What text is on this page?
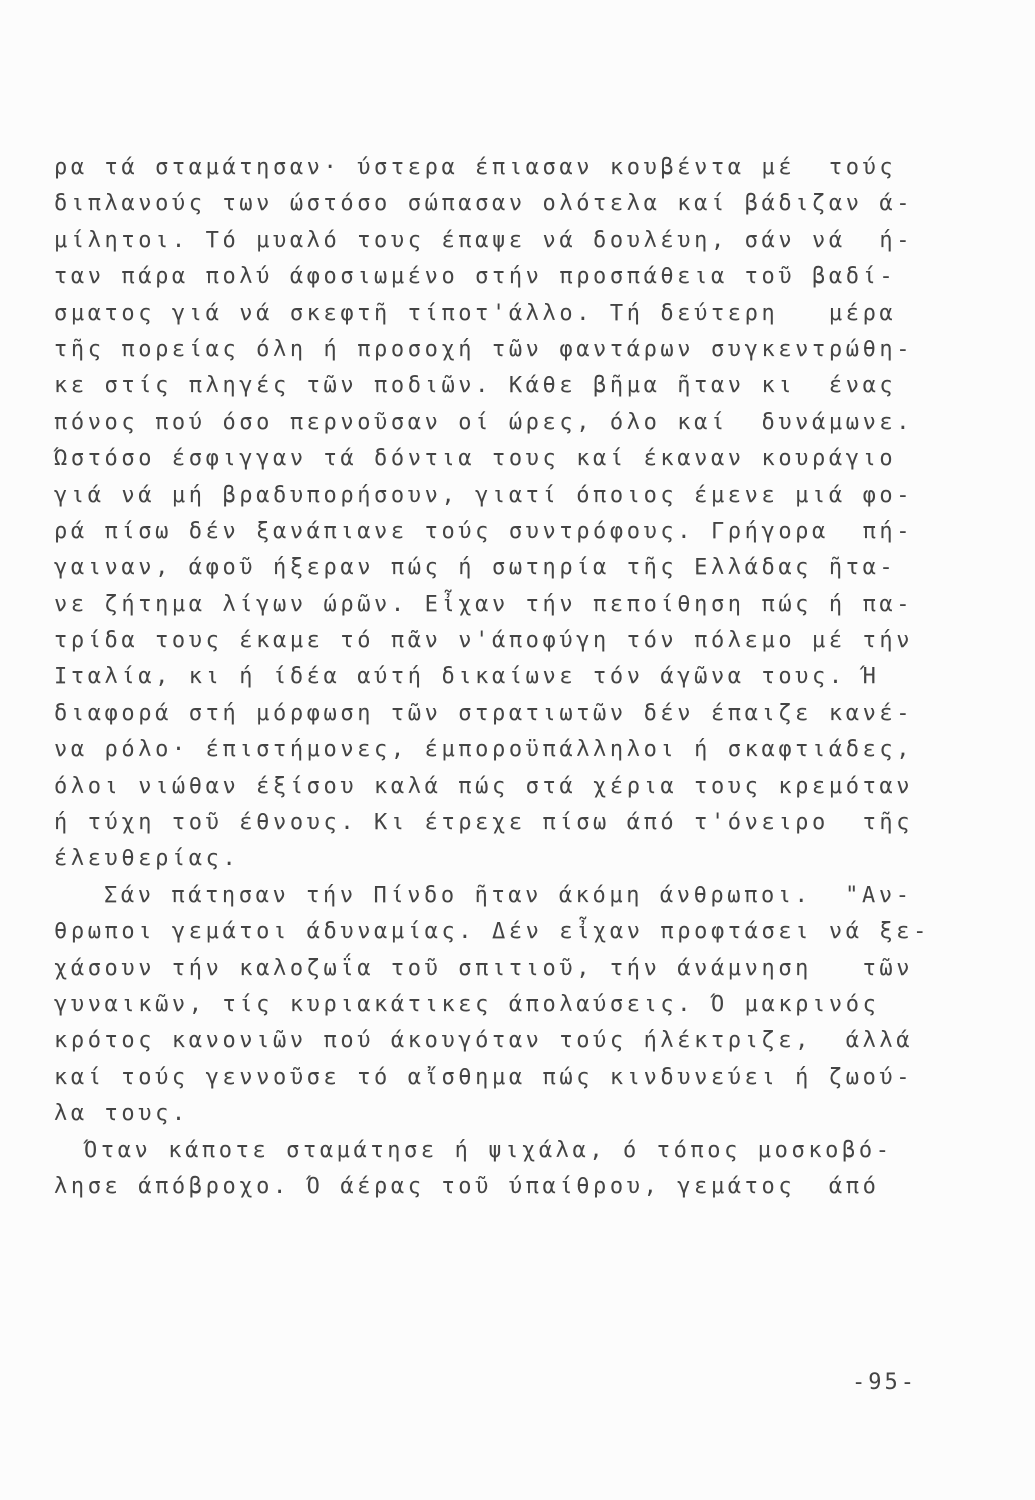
ρα τά σταμάτησαν· ύστερα έπιασαν κουβέντα μέ  τούς
διπλανούς των ώστόσο σώπασαν ολότελα καί βάδιζαν ά-
μίλητοι. Τό μυαλό τους έπαψε νά δουλέυη, σάν νά  ή-
ταν πάρα πολύ άφοσιωμένο στήν προσπάθεια τοῦ βαδί-
σματος γιά νά σκεφτῆ τίποτ'άλλο. Τή δεύτερη   μέρα
τῆς πορείας όλη ή προσοχή τῶν φαντάρων συγκεντρώθη-
κε στίς πληγές τῶν ποδιῶν. Κάθε βῆμα ῆταν κι  ένας
πόνος πού όσο περνοῦσαν οί ώρες, όλο καί  δυνάμωνε.
Ώστόσο έσφιγγαν τά δόντια τους καί έκαναν κουράγιο
γιά νά μή βραδυπορήσουν, γιατί όποιος έμενε μιά φο-
ρά πίσω δέν ξανάπιανε τούς συντρόφους. Γρήγορα  πή-
γαιναν, άφοῦ ήξεραν πώς ή σωτηρία τῆς Ελλάδας ῆτα-
νε ζήτημα λίγων ώρῶν. Εἶχαν τήν πεποίθηση πώς ή πα-
τρίδα τους έκαμε τό πᾶν ν'άποφύγη τόν πόλεμο μέ τήν
Ιταλία, κι ή ίδέα αύτή δικαίωνε τόν άγῶνα τους. Ή
διαφορά στή μόρφωση τῶν στρατιωτῶν δέν έπαιζε κανέ-
να ρόλο· έπιστήμονες, έμποροϋπάλληλοι ή σκαφτιάδες,
όλοι νιώθαν έξίσου καλά πώς στά χέρια τους κρεμόταν
ή τύχη τοῦ έθνους. Κι έτρεχε πίσω άπό τ'όνειρο  τῆς
έλευθερίας.
Σάν πάτησαν τήν Πίνδο ῆταν άκόμη άνθρωποι.  "Αν-
θρωποι γεμάτοι άδυναμίας. Δέν εἶχαν προφτάσει νά ξε-
χάσουν τήν καλοζωΐα τοῦ σπιτιοῦ, τήν άνάμνηση   τῶν
γυναικῶν, τίς κυριακάτικες άπολαύσεις. Ό μακρινός
κρότος κανονιῶν πού άκουγόταν τούς ήλέκτριζε,  άλλά
καί τούς γεννοῦσε τό αἴσθημα πώς κινδυνεύει ή ζωού-
λα τους.
Όταν κάποτε σταμάτησε ή ψιχάλα, ό τόπος μοσκοβό-
λησε άπόβροχο. Ό άέρας τοῦ ύπαίθρου, γεμάτος  άπό
-95-
